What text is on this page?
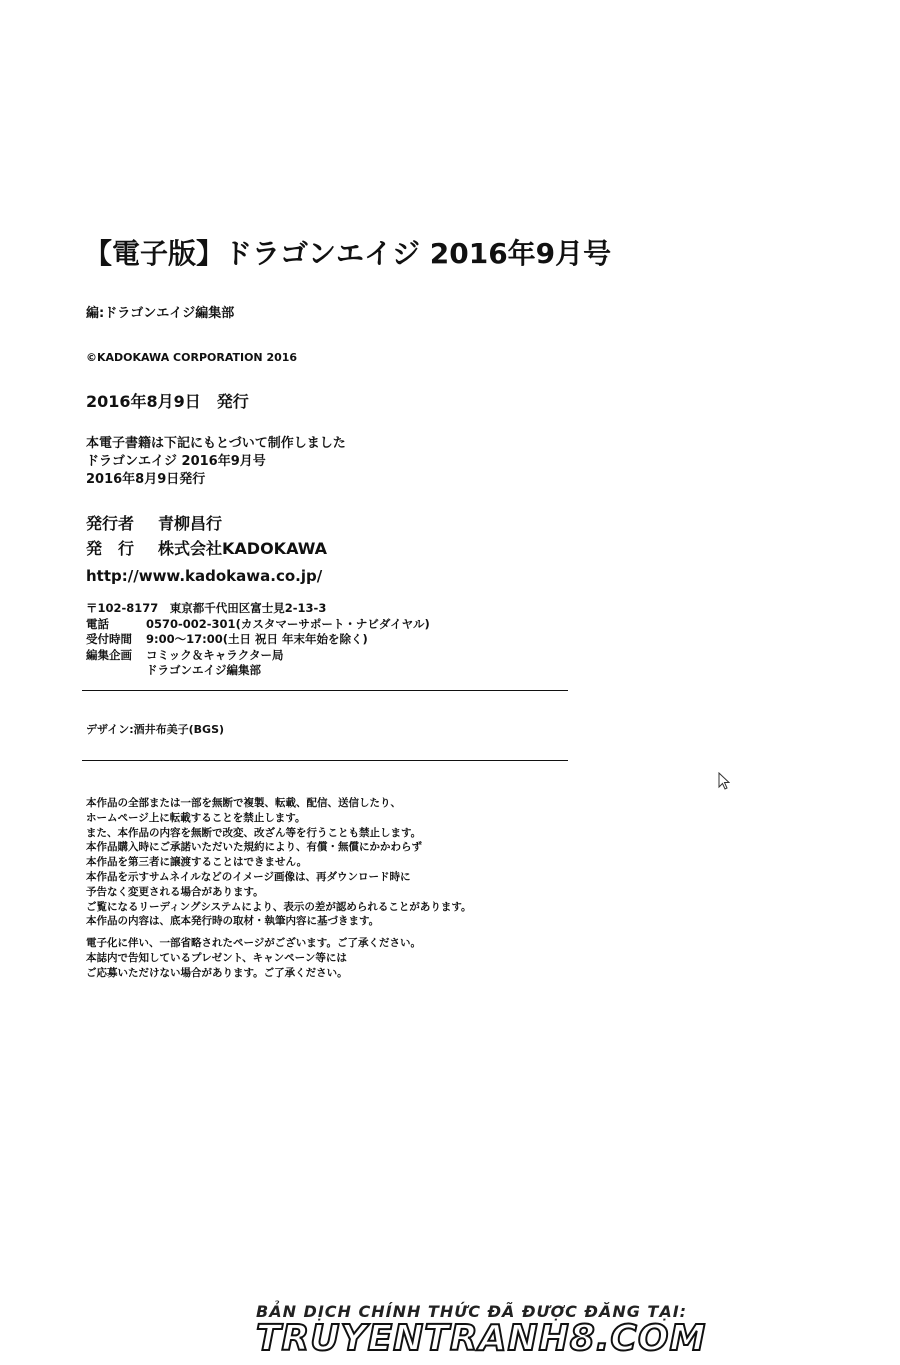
【電子版】ドラゴンエイジ 2016年9月号
編:ドラゴンエイジ編集部
©KADOKAWA CORPORATION 2016
2016年8月9日　発行
本電子書籍は下記にもとづいて制作しました
ドラゴンエイジ 2016年9月号
2016年8月9日発行
発行者	青柳昌行
発　行	株式会社KADOKAWA
http://www.kadokawa.co.jp/
〒102-8177　東京都千代田区富士見2-13-3
電話	0570-002-301(カスタマーサポート・ナビダイヤル)
受付時間	9:00～17:00(土日 祝日 年末年始を除く)
編集企画	コミック＆キャラクター局
ドラゴンエイジ編集部
デザイン:酒井布美子(BGS)
本作品の全部または一部を無断で複製、転載、配信、送信したり、
ホームページ上に転載することを禁止します。
また、本作品の内容を無断で改変、改ざん等を行うことも禁止します。
本作品購入時にご承諾いただいた規約により、有償・無償にかかわらず
本作品を第三者に譲渡することはできません。
本作品を示すサムネイルなどのイメージ画像は、再ダウンロード時に
予告なく変更される場合があります。
ご覧になるリーディングシステムにより、表示の差が認められることがあります。
本作品の内容は、底本発行時の取材・執筆内容に基づきます。
電子化に伴い、一部省略されたページがございます。ご了承ください。
本誌内で告知しているプレゼント、キャンペーン等には
ご応募いただけない場合があります。ご了承ください。
BẢN DỊCH CHÍNH THỨC ĐÃ ĐƯỢC ĐĂNG TẠI:
TRUYENTRANH8.COM
